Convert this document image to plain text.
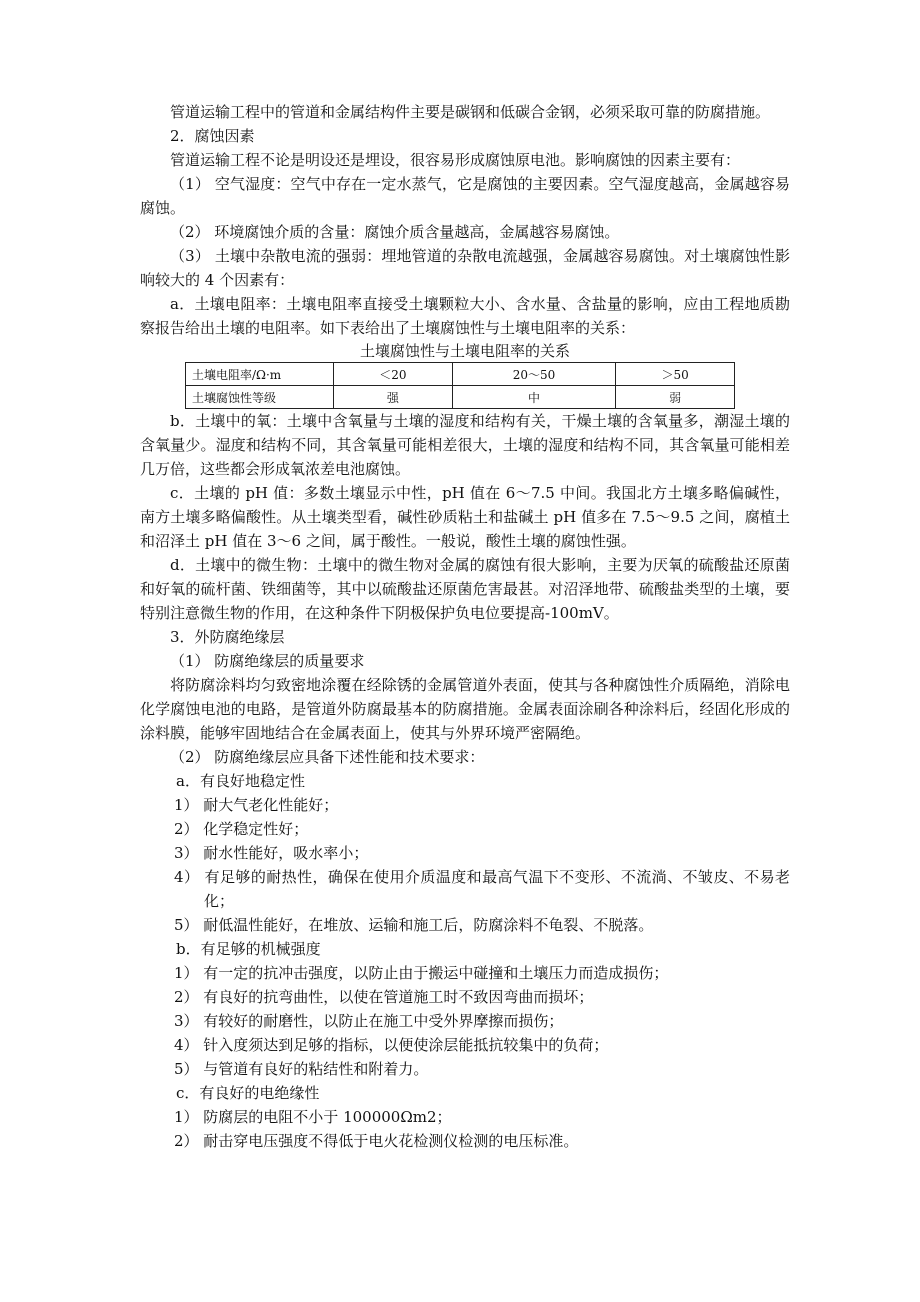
管道运输工程中的管道和金属结构件主要是碳钢和低碳合金钢，必须采取可靠的防腐措施。

2．腐蚀因素

管道运输工程不论是明设还是埋设，很容易形成腐蚀原电池。影响腐蚀的因素主要有：

（1） 空气湿度：空气中存在一定水蒸气，它是腐蚀的主要因素。空气湿度越高，金属越容易腐蚀。

（2） 环境腐蚀介质的含量：腐蚀介质含量越高，金属越容易腐蚀。

（3） 土壤中杂散电流的强弱：埋地管道的杂散电流越强，金属越容易腐蚀。对土壤腐蚀性影响较大的 4 个因素有：

a．土壤电阻率：土壤电阻率直接受土壤颗粒大小、含水量、含盐量的影响，应由工程地质勘察报告给出土壤的电阻率。如下表给出了土壤腐蚀性与土壤电阻率的关系：

土壤腐蚀性与土壤电阻率的关系

土壤电阻率/Ω·m	＜20	20～50	＞50
土壤腐蚀性等级	强	中	弱

b．土壤中的氧：土壤中含氧量与土壤的湿度和结构有关，干燥土壤的含氧量多，潮湿土壤的含氧量少。湿度和结构不同，其含氧量可能相差很大，土壤的湿度和结构不同，其含氧量可能相差几万倍，这些都会形成氧浓差电池腐蚀。

c．土壤的 pH 值：多数土壤显示中性，pH 值在 6～7.5 中间。我国北方土壤多略偏碱性，南方土壤多略偏酸性。从土壤类型看，碱性砂质粘土和盐碱土 pH 值多在 7.5～9.5 之间，腐植土和沼泽土 pH 值在 3～6 之间，属于酸性。一般说，酸性土壤的腐蚀性强。

d．土壤中的微生物：土壤中的微生物对金属的腐蚀有很大影响，主要为厌氧的硫酸盐还原菌和好氧的硫杆菌、铁细菌等，其中以硫酸盐还原菌危害最甚。对沼泽地带、硫酸盐类型的土壤，要特别注意微生物的作用，在这种条件下阴极保护负电位要提高-100mV。

3．外防腐绝缘层

（1） 防腐绝缘层的质量要求

将防腐涂料均匀致密地涂覆在经除锈的金属管道外表面，使其与各种腐蚀性介质隔绝，消除电化学腐蚀电池的电路，是管道外防腐最基本的防腐措施。金属表面涂刷各种涂料后，经固化形成的涂料膜，能够牢固地结合在金属表面上，使其与外界环境严密隔绝。

（2） 防腐绝缘层应具备下述性能和技术要求：

a．有良好地稳定性

1） 耐大气老化性能好；

2） 化学稳定性好；

3） 耐水性能好，吸水率小；

4） 有足够的耐热性，确保在使用介质温度和最高气温下不变形、不流淌、不皱皮、不易老化；

5） 耐低温性能好，在堆放、运输和施工后，防腐涂料不龟裂、不脱落。

b．有足够的机械强度

1） 有一定的抗冲击强度，以防止由于搬运中碰撞和土壤压力而造成损伤；

2） 有良好的抗弯曲性，以使在管道施工时不致因弯曲而损坏；

3） 有较好的耐磨性，以防止在施工中受外界摩擦而损伤；

4） 针入度须达到足够的指标，以便使涂层能抵抗较集中的负荷；

5） 与管道有良好的粘结性和附着力。

c．有良好的电绝缘性

1） 防腐层的电阻不小于 100000Ωm2；

2） 耐击穿电压强度不得低于电火花检测仪检测的电压标准。
